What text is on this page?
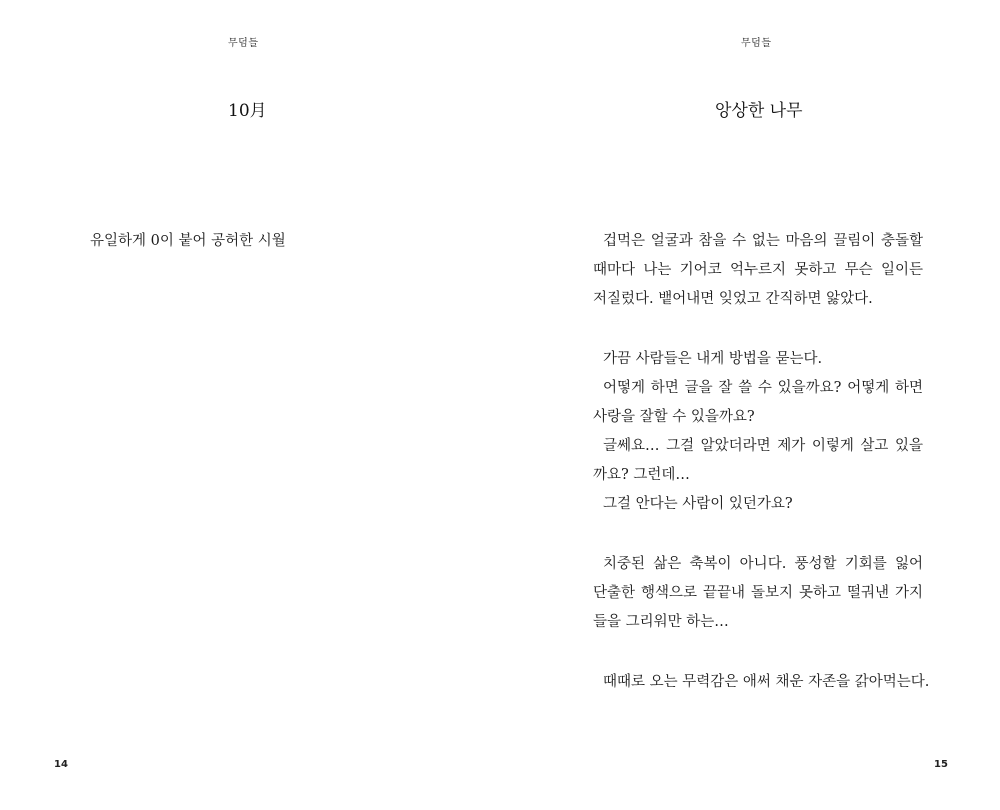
무덤들
10月
유일하게 0이 붙어 공허한 시월
14
무덤들
앙상한 나무
겁먹은 얼굴과 참을 수 없는 마음의 끌림이 충돌할
때마다 나는 기어코 억누르지 못하고 무슨 일이든
저질렀다. 뱉어내면 잊었고 간직하면 앓았다.
가끔 사람들은 내게 방법을 묻는다.
어떻게 하면 글을 잘 쓸 수 있을까요? 어떻게 하면
사랑을 잘할 수 있을까요?
글쎄요… 그걸 알았더라면 제가 이렇게 살고 있을
까요? 그런데…
그걸 안다는 사람이 있던가요?
치중된 삶은 축복이 아니다. 풍성할 기회를 잃어
단출한 행색으로 끝끝내 돌보지 못하고 떨궈낸 가지
들을 그리워만 하는…
때때로 오는 무력감은 애써 채운 자존을 갉아먹는다.
15
